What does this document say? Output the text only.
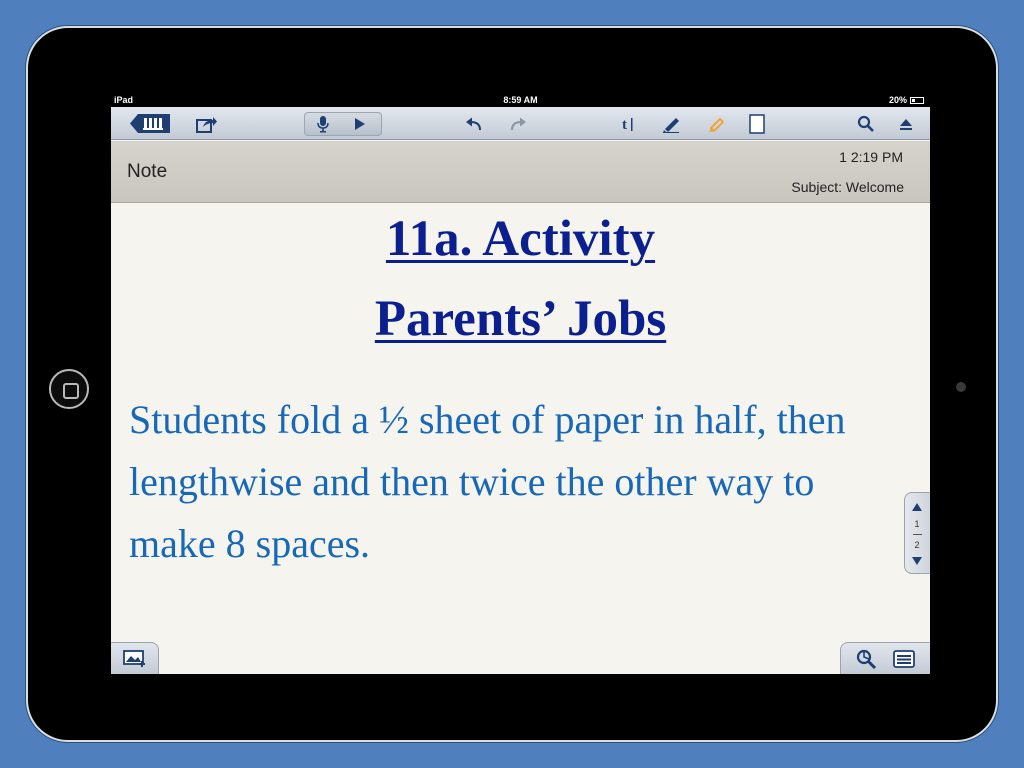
iPad	8:59 AM	20%
t
Note
1 2:19 PM
Subject: Welcome
11a. Activity
Parents’ Jobs
Students fold a ½ sheet of paper in half, then lengthwise and then twice the other way to make 8 spaces.	1
2
